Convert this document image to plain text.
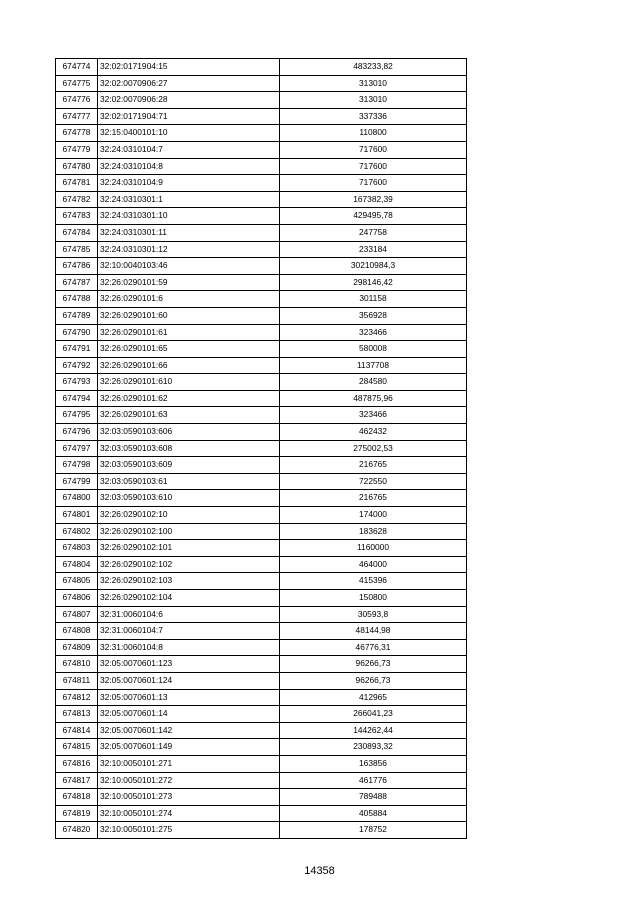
674774	32:02:0171904:15	483233,82
674775	32:02:0070906:27	313010
674776	32:02:0070906:28	313010
674777	32:02:0171904:71	337336
674778	32:15:0400101:10	110800
674779	32:24:0310104:7	717600
674780	32:24:0310104:8	717600
674781	32:24:0310104:9	717600
674782	32:24:0310301:1	167382,39
674783	32:24:0310301:10	429495,78
674784	32:24:0310301:11	247758
674785	32:24:0310301:12	233184
674786	32:10:0040103:46	30210984,3
674787	32:26:0290101:59	298146,42
674788	32:26:0290101:6	301158
674789	32:26:0290101:60	356928
674790	32:26:0290101:61	323466
674791	32:26:0290101:65	580008
674792	32:26:0290101:66	1137708
674793	32:26:0290101:610	284580
674794	32:26:0290101:62	487875,96
674795	32:26:0290101:63	323466
674796	32:03:0590103:606	462432
674797	32:03:0590103:608	275002,53
674798	32:03:0590103:609	216765
674799	32:03:0590103:61	722550
674800	32:03:0590103:610	216765
674801	32:26:0290102:10	174000
674802	32:26:0290102:100	183628
674803	32:26:0290102:101	1160000
674804	32:26:0290102:102	464000
674805	32:26:0290102:103	415396
674806	32:26:0290102:104	150800
674807	32:31:0060104:6	30593,8
674808	32:31:0060104:7	48144,98
674809	32:31:0060104:8	46776,31
674810	32:05:0070601:123	96266,73
674811	32:05:0070601:124	96266,73
674812	32:05:0070601:13	412965
674813	32:05:0070601:14	266041,23
674814	32:05:0070601:142	144262,44
674815	32:05:0070601:149	230893,32
674816	32:10:0050101:271	163856
674817	32:10:0050101:272	461776
674818	32:10:0050101:273	789488
674819	32:10:0050101:274	405884
674820	32:10:0050101:275	178752
14358
